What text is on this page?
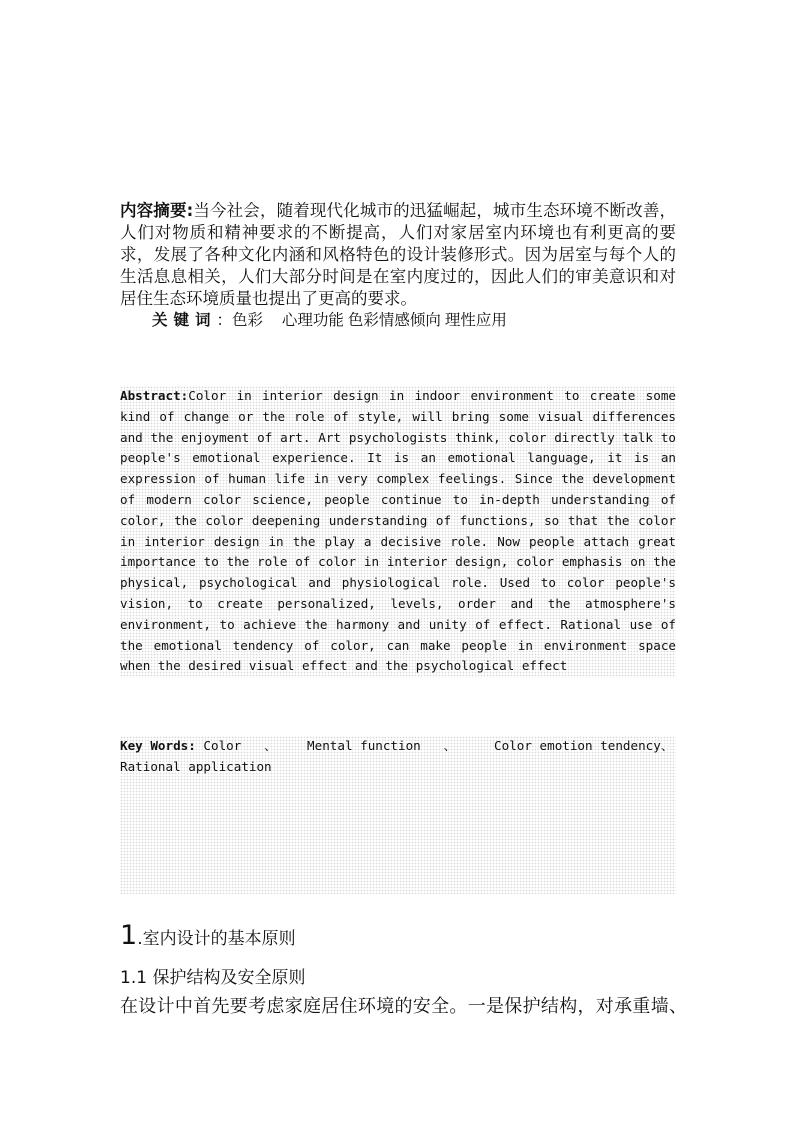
内容摘要:当今社会，随着现代化城市的迅猛崛起，城市生态环境不断改善，人们对物质和精神要求的不断提高，人们对家居室内环境也有利更高的要求，发展了各种文化内涵和风格特色的设计装修形式。因为居室与每个人的生活息息相关，人们大部分时间是在室内度过的，因此人们的审美意识和对居住生态环境质量也提出了更高的要求。
关键词：色彩 心理功能 色彩情感倾向 理性应用
Abstract:Color in interior design in indoor environment to create some kind of change or the role of style, will bring some visual differences and the enjoyment of art. Art psychologists think, color directly talk to people's emotional experience. It is an emotional language, it is an expression of human life in very complex feelings. Since the development of modern color science, people continue to in-depth understanding of color, the color deepening understanding of functions, so that the color in interior design in the play a decisive role. Now people attach great importance to the role of color in interior design, color emphasis on the physical, psychological and physiological role. Used to color people's vision, to create personalized, levels, order and the atmosphere's environment, to achieve the harmony and unity of effect. Rational use of the emotional tendency of color, can make people in environment space when the desired visual effect and the psychological effect
Key Words: Color 、 Mental function 、	Color emotion tendency、 Rational application
1.室内设计的基本原则
1.1 保护结构及安全原则
在设计中首先要考虑家庭居住环境的安全。一是保护结构，对承重墙、
